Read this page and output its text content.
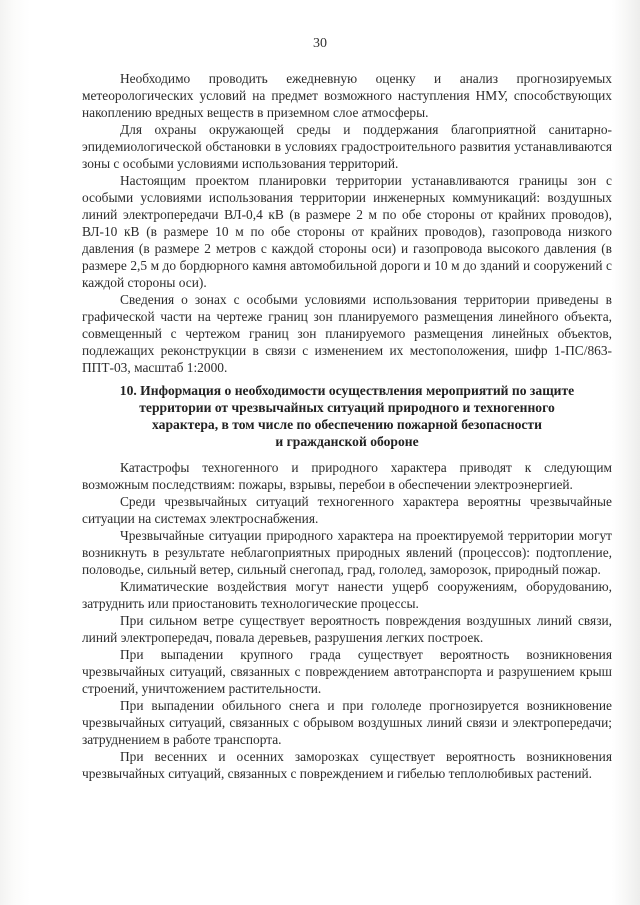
30

Необходимо проводить ежедневную оценку и анализ прогнозируемых метеорологических условий на предмет возможного наступления НМУ, способствующих накоплению вредных веществ в приземном слое атмосферы.

Для охраны окружающей среды и поддержания благоприятной санитарно-эпидемиологической обстановки в условиях градостроительного развития устанавливаются зоны с особыми условиями использования территорий.

Настоящим проектом планировки территории устанавливаются границы зон с особыми условиями использования территории инженерных коммуникаций: воздушных линий электропередачи ВЛ-0,4 кВ (в размере 2 м по обе стороны от крайних проводов), ВЛ-10 кВ (в размере 10 м по обе стороны от крайних проводов), газопровода низкого давления (в размере 2 метров с каждой стороны оси) и газопровода высокого давления (в размере 2,5 м до бордюрного камня автомобильной дороги и 10 м до зданий и сооружений с каждой стороны оси).

Сведения о зонах с особыми условиями использования территории приведены в графической части на чертеже границ зон планируемого размещения линейного объекта, совмещенный с чертежом границ зон планируемого размещения линейных объектов, подлежащих реконструкции в связи с изменением их местоположения, шифр 1-ПС/863-ППТ-03, масштаб 1:2000.

10. Информация о необходимости осуществления мероприятий по защите
территории от чрезвычайных ситуаций природного и техногенного
характера, в том числе по обеспечению пожарной безопасности
и гражданской обороне

Катастрофы техногенного и природного характера приводят к следующим возможным последствиям: пожары, взрывы, перебои в обеспечении электроэнергией.

Среди чрезвычайных ситуаций техногенного характера вероятны чрезвычайные ситуации на системах электроснабжения.

Чрезвычайные ситуации природного характера на проектируемой территории могут возникнуть в результате неблагоприятных природных явлений (процессов): подтопление, половодье, сильный ветер, сильный снегопад, град, гололед, заморозок, природный пожар.

Климатические воздействия могут нанести ущерб сооружениям, оборудованию, затруднить или приостановить технологические процессы.

При сильном ветре существует вероятность повреждения воздушных линий связи, линий электропередач, повала деревьев, разрушения легких построек.

При выпадении крупного града существует вероятность возникновения чрезвычайных ситуаций, связанных с повреждением автотранспорта и разрушением крыш строений, уничтожением растительности.

При выпадении обильного снега и при гололеде прогнозируется возникновение чрезвычайных ситуаций, связанных с обрывом воздушных линий связи и электропередачи; затруднением в работе транспорта.

При весенних и осенних заморозках существует вероятность возникновения чрезвычайных ситуаций, связанных с повреждением и гибелью теплолюбивых растений.
